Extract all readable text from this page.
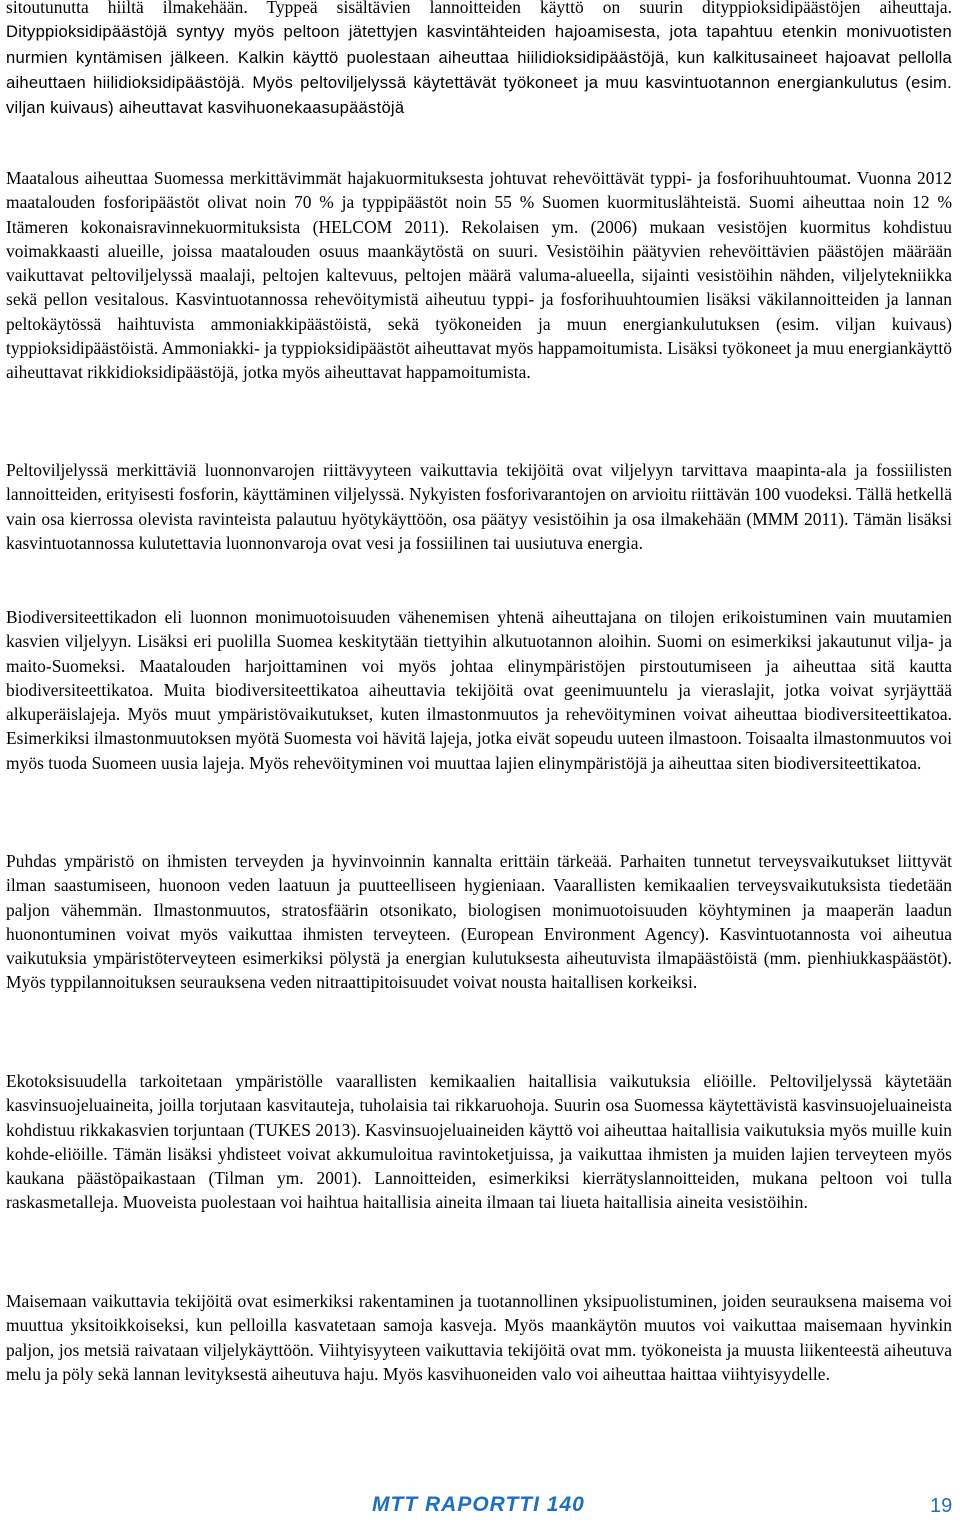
sitoutunutta hiiltä ilmakehään. Typpeä sisältävien lannoitteiden käyttö on suurin dityppioksidipäästöjen aiheuttaja. Dityppioksidipäästöjä syntyy myös peltoon jätettyjen kasvintähteiden hajoamisesta, jota tapahtuu etenkin monivuotisten nurmien kyntämisen jälkeen. Kalkin käyttö puolestaan aiheuttaa hiilidioksidipäästöjä, kun kalkitusaineet hajoavat pellolla aiheuttaen hiilidioksidipäästöjä. Myös peltoviljelyssä käytettävät työkoneet ja muu kasvintuotannon energiankulutus (esim. viljan kuivaus) aiheuttavat kasvihuonekaasupäästöjä

Maatalous aiheuttaa Suomessa merkittävimmät hajakuormituksesta johtuvat rehevöittävät typpi- ja fosforihuuhtoumat. Vuonna 2012 maatalouden fosforipäästöt olivat noin 70 % ja typpipäästöt noin 55 % Suomen kuormituslähteistä. Suomi aiheuttaa noin 12 % Itämeren kokonaisravinnekuormituksista (HELCOM 2011). Rekolaisen ym. (2006) mukaan vesistöjen kuormitus kohdistuu voimakkaasti alueille, joissa maatalouden osuus maankäytöstä on suuri. Vesistöihin päätyvien rehevöittävien päästöjen määrään vaikuttavat peltoviljelyssä maalaji, peltojen kaltevuus, peltojen määrä valuma-alueella, sijainti vesistöihin nähden, viljelytekniikka sekä pellon vesitalous. Kasvintuotannossa rehevöitymistä aiheutuu typpi- ja fosforihuuhtoumien lisäksi väkilannoitteiden ja lannan peltokäytössä haihtuvista ammoniakkipäästöistä, sekä työkoneiden ja muun energiankulutuksen (esim. viljan kuivaus) typpioksidipäästöistä. Ammoniakki- ja typpioksidipäästöt aiheuttavat myös happamoitumista. Lisäksi työkoneet ja muu energiankäyttö aiheuttavat rikkidioksidipäästöjä, jotka myös aiheuttavat happamoitumista.

Peltoviljelyssä merkittäviä luonnonvarojen riittävyyteen vaikuttavia tekijöitä ovat viljelyyn tarvittava maapinta-ala ja fossiilisten lannoitteiden, erityisesti fosforin, käyttäminen viljelyssä. Nykyisten fosforivarantojen on arvioitu riittävän 100 vuodeksi. Tällä hetkellä vain osa kierrossa olevista ravinteista palautuu hyötykäyttöön, osa päätyy vesistöihin ja osa ilmakehään (MMM 2011). Tämän lisäksi kasvintuotannossa kulutettavia luonnonvaroja ovat vesi ja fossiilinen tai uusiutuva energia.

Biodiversiteettikadon eli luonnon monimuotoisuuden vähenemisen yhtenä aiheuttajana on tilojen erikoistuminen vain muutamien kasvien viljelyyn. Lisäksi eri puolilla Suomea keskitytään tiettyihin alkutuotannon aloihin. Suomi on esimerkiksi jakautunut vilja- ja maito-Suomeksi. Maatalouden harjoittaminen voi myös johtaa elinympäristöjen pirstoutumiseen ja aiheuttaa sitä kautta biodiversiteettikatoa. Muita biodiversiteettikatoa aiheuttavia tekijöitä ovat geenimuuntelu ja vieraslajit, jotka voivat syrjäyttää alkuperäislajeja. Myös muut ympäristövaikutukset, kuten ilmastonmuutos ja rehevöityminen voivat aiheuttaa biodiversiteettikatoa. Esimerkiksi ilmastonmuutoksen myötä Suomesta voi hävitä lajeja, jotka eivät sopeudu uuteen ilmastoon. Toisaalta ilmastonmuutos voi myös tuoda Suomeen uusia lajeja. Myös rehevöityminen voi muuttaa lajien elinympäristöjä ja aiheuttaa siten biodiversiteettikatoa.

Puhdas ympäristö on ihmisten terveyden ja hyvinvoinnin kannalta erittäin tärkeää. Parhaiten tunnetut terveysvaikutukset liittyvät ilman saastumiseen, huonoon veden laatuun ja puutteelliseen hygieniaan. Vaarallisten kemikaalien terveysvaikutuksista tiedetään paljon vähemmän. Ilmastonmuutos, stratosfäärin otsonikato, biologisen monimuotoisuuden köyhtyminen ja maaperän laadun huonontuminen voivat myös vaikuttaa ihmisten terveyteen. (European Environment Agency). Kasvintuotannosta voi aiheutua vaikutuksia ympäristöterveyteen esimerkiksi pölystä ja energian kulutuksesta aiheutuvista ilmapäästöistä (mm. pienhiukkaspäästöt). Myös typpilannoituksen seurauksena veden nitraattipitoisuudet voivat nousta haitallisen korkeiksi.

Ekotoksisuudella tarkoitetaan ympäristölle vaarallisten kemikaalien haitallisia vaikutuksia eliöille. Peltoviljelyssä käytetään kasvinsuojeluaineita, joilla torjutaan kasvitauteja, tuholaisia tai rikkaruohoja. Suurin osa Suomessa käytettävistä kasvinsuojeluaineista kohdistuu rikkakasvien torjuntaan (TUKES 2013). Kasvinsuojeluaineiden käyttö voi aiheuttaa haitallisia vaikutuksia myös muille kuin kohde-eliöille. Tämän lisäksi yhdisteet voivat akkumuloitua ravintoketjuissa, ja vaikuttaa ihmisten ja muiden lajien terveyteen myös kaukana päästöpaikastaan (Tilman ym. 2001). Lannoitteiden, esimerkiksi kierrätyslannoitteiden, mukana peltoon voi tulla raskasmetalleja. Muoveista puolestaan voi haihtua haitallisia aineita ilmaan tai liueta haitallisia aineita vesistöihin.

Maisemaan vaikuttavia tekijöitä ovat esimerkiksi rakentaminen ja tuotannollinen yksipuolistuminen, joiden seurauksena maisema voi muuttua yksitoikkoiseksi, kun pelloilla kasvatetaan samoja kasveja. Myös maankäytön muutos voi vaikuttaa maisemaan hyvinkin paljon, jos metsiä raivataan viljelykäyttöön. Viihtyisyyteen vaikuttavia tekijöitä ovat mm. työkoneista ja muusta liikenteestä aiheutuva melu ja pöly sekä lannan levityksestä aiheutuva haju. Myös kasvihuoneiden valo voi aiheuttaa haittaa viihtyisyydelle.

MTT RAPORTTI 140	19
